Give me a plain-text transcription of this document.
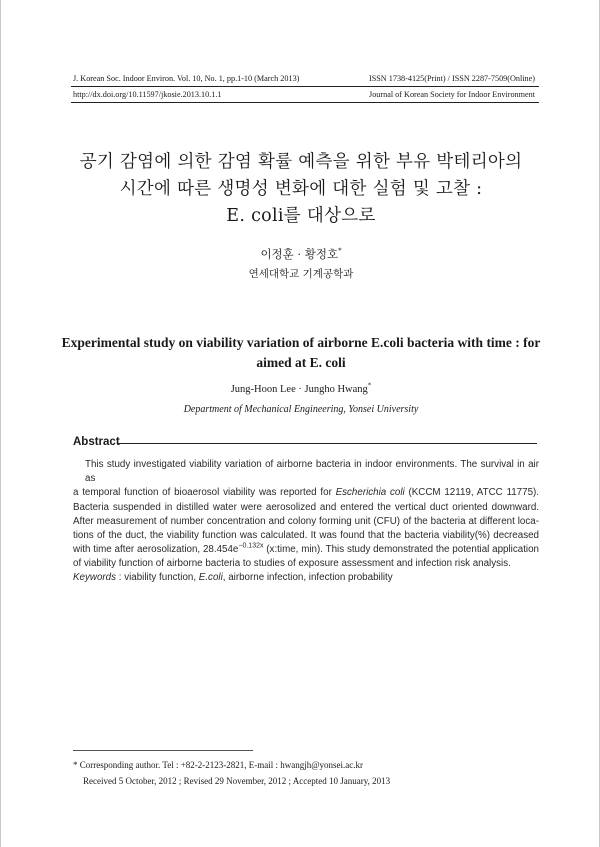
J. Korean Soc. Indoor Environ. Vol. 10, No. 1, pp.1-10 (March 2013)	ISSN 1738-4125(Print) / ISSN 2287-7509(Online)
http://dx.doi.org/10.11597/jkosie.2013.10.1.1	Journal of Korean Society for Indoor Environment
공기 감염에 의한 감염 확률 예측을 위한 부유 박테리아의
시간에 따른 생명성 변화에 대한 실험 및 고찰 :
E. coli를 대상으로
이정훈 · 황정호*
연세대학교 기계공학과
Experimental study on viability variation of airborne E.coli bacteria with time : for
aimed at E. coli
Jung-Hoon Lee · Jungho Hwang*
Department of Mechanical Engineering, Yonsei University
Abstract
This study investigated viability variation of airborne bacteria in indoor environments. The survival in air as
a temporal function of bioaerosol viability was reported for Escherichia coli (KCCM 12119, ATCC 11775).
Bacteria suspended in distilled water were aerosolized and entered the vertical duct oriented downward.
After measurement of number concentration and colony forming unit (CFU) of the bacteria at different loca-
tions of the duct, the viability function was calculated. It was found that the bacteria viability(%) decreased
with time after aerosolization, $28.454e^{-0.132x}$ (x:time, min). This study demonstrated the potential application
of viability function of airborne bacteria to studies of exposure assessment and infection risk analysis.
Keywords : viability function, E.coli, airborne infection, infection probability
* Corresponding author. Tel : +82-2-2123-2821, E-mail : hwangjh@yonsei.ac.kr
Received 5 October, 2012 ; Revised 29 November, 2012 ; Accepted 10 January, 2013
